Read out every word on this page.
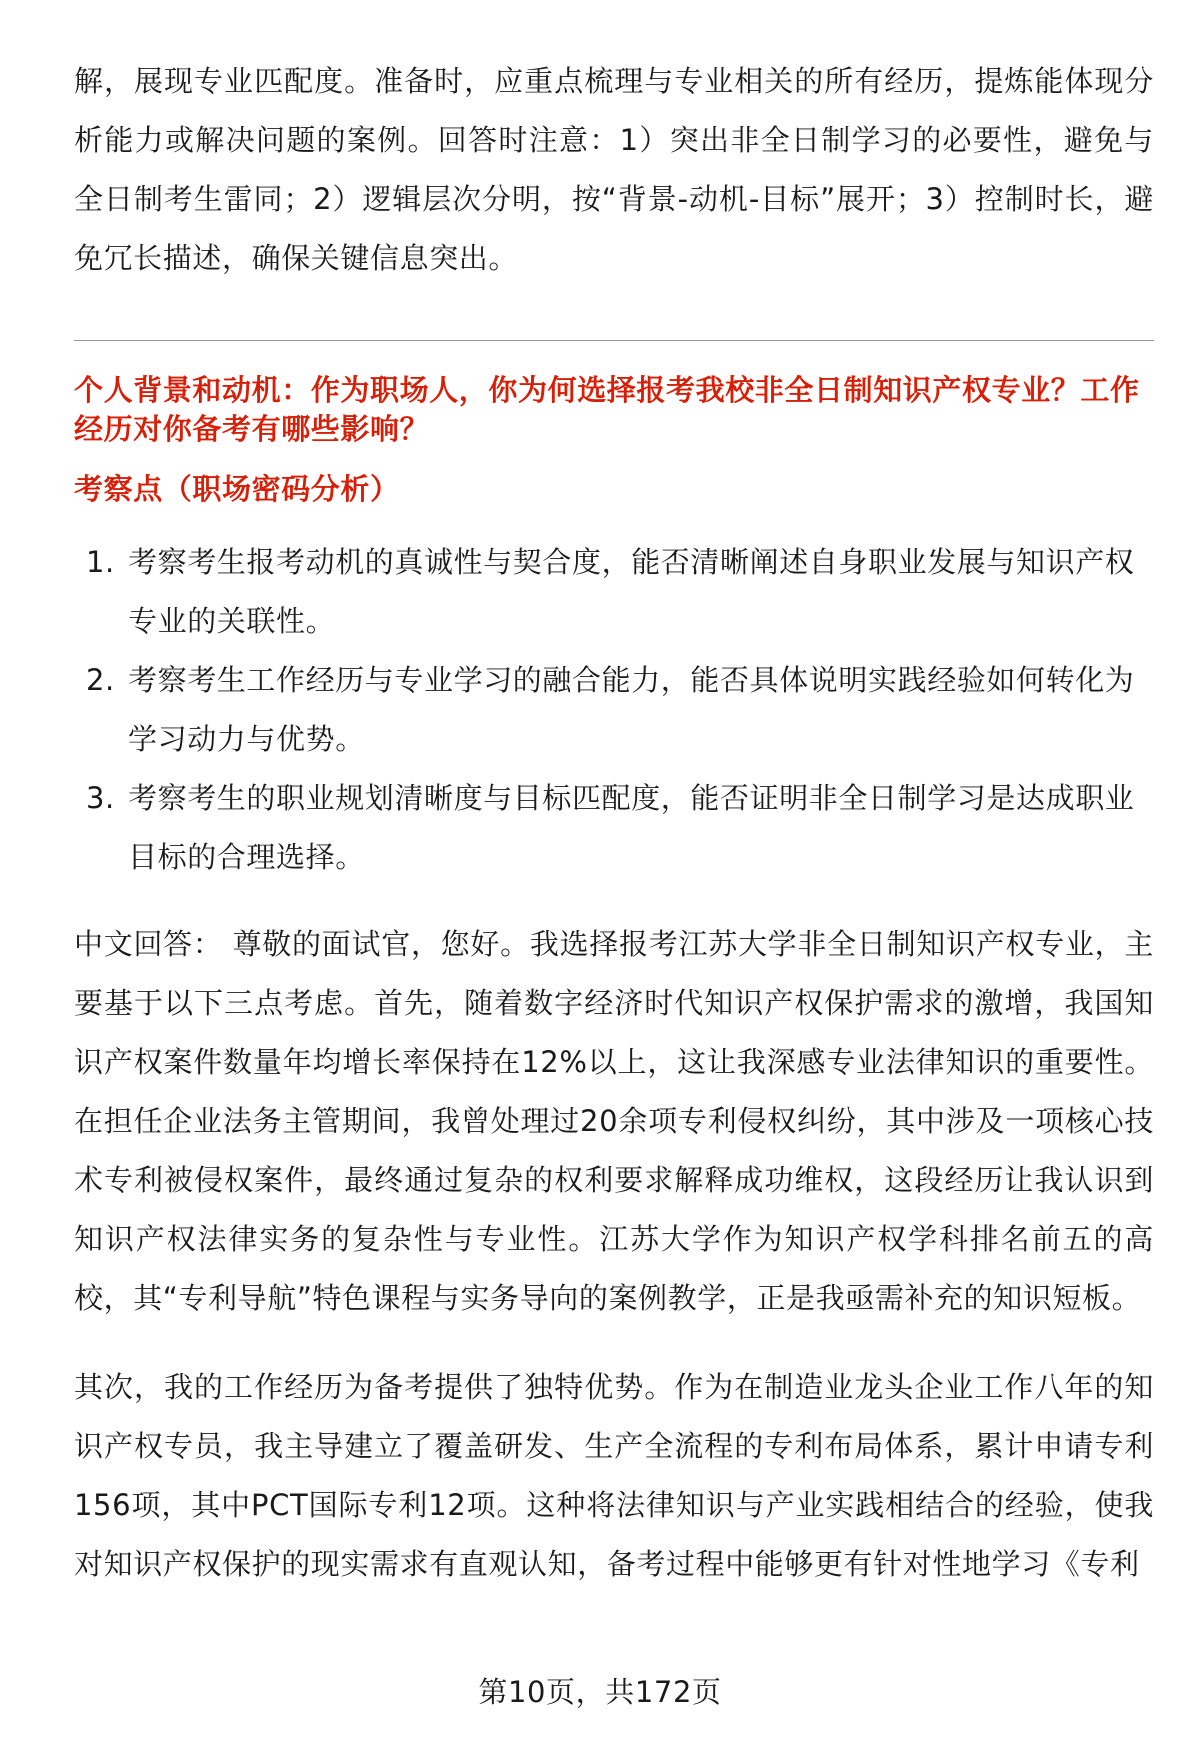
解，展现专业匹配度。准备时，应重点梳理与专业相关的所有经历，提炼能体现分析能力或解决问题的案例。回答时注意：1）突出非全日制学习的必要性，避免与全日制考生雷同；2）逻辑层次分明，按“背景-动机-目标”展开；3）控制时长，避免冗长描述，确保关键信息突出。

个人背景和动机：作为职场人，你为何选择报考我校非全日制知识产权专业？工作经历对你备考有哪些影响？

考察点（职场密码分析）

1. 考察考生报考动机的真诚性与契合度，能否清晰阐述自身职业发展与知识产权专业的关联性。
2. 考察考生工作经历与专业学习的融合能力，能否具体说明实践经验如何转化为学习动力与优势。
3. 考察考生的职业规划清晰度与目标匹配度，能否证明非全日制学习是达成职业目标的合理选择。

中文回答： 尊敬的面试官，您好。我选择报考江苏大学非全日制知识产权专业，主要基于以下三点考虑。首先，随着数字经济时代知识产权保护需求的激增，我国知识产权案件数量年均增长率保持在12%以上，这让我深感专业法律知识的重要性。在担任企业法务主管期间，我曾处理过20余项专利侵权纠纷，其中涉及一项核心技术专利被侵权案件，最终通过复杂的权利要求解释成功维权，这段经历让我认识到知识产权法律实务的复杂性与专业性。江苏大学作为知识产权学科排名前五的高校，其“专利导航”特色课程与实务导向的案例教学，正是我亟需补充的知识短板。

其次，我的工作经历为备考提供了独特优势。作为在制造业龙头企业工作八年的知识产权专员，我主导建立了覆盖研发、生产全流程的专利布局体系，累计申请专利156项，其中PCT国际专利12项。这种将法律知识与产业实践相结合的经验，使我对知识产权保护的现实需求有直观认知，备考过程中能够更有针对性地学习《专利

第10页，共172页
